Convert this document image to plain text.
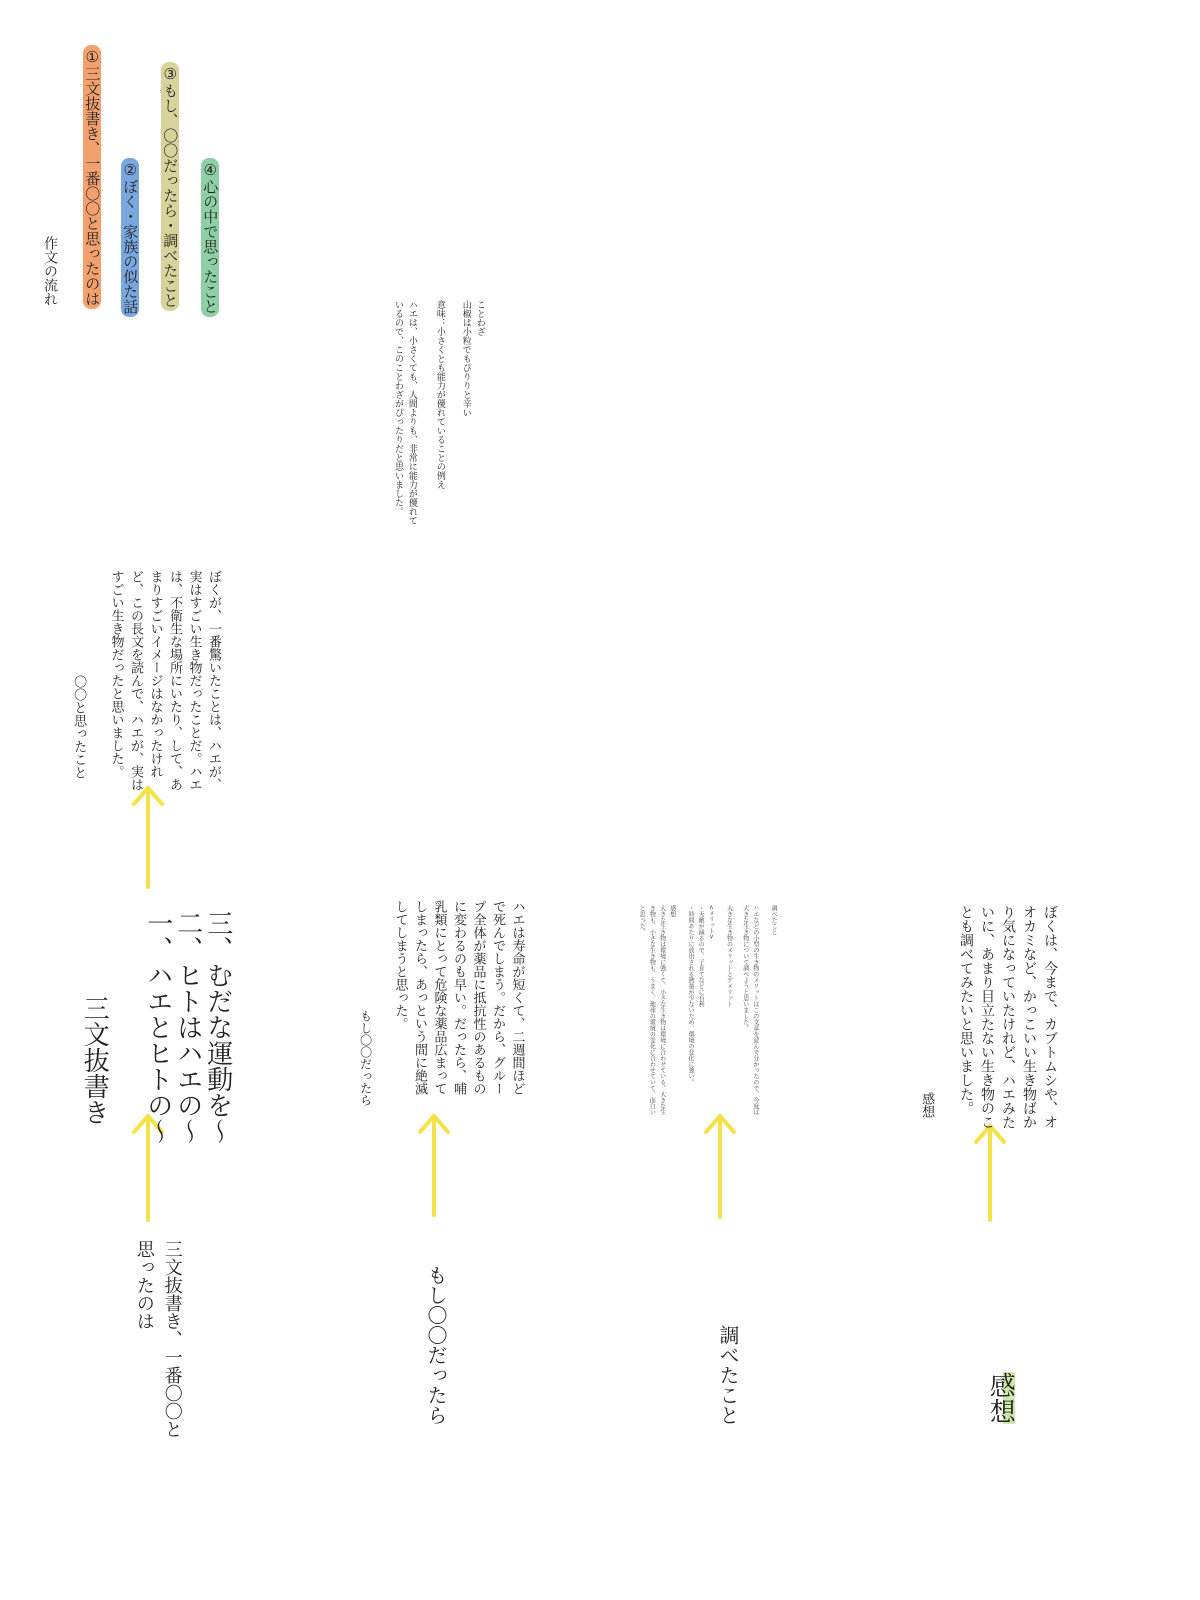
作文の流れ ①三文抜書き、一番〇〇と思ったのは ②ぼく・家族の似た話 ③もし、〇〇だったら・調べたこと ④心の中で思ったこと
三文抜書き、一番〇〇と思ったのは
三文抜書き 一、ハエとヒトの〜 二、ヒトはハエの〜 三、むだな運動を〜
〇〇と思ったこと	ぼくが、一番驚いたことは、ハエが、実はすごい生き物だったことだ。ハエは、不衛生な場所にいたり、して、あまりすごいイメージはなかったけれど、この長文を読んで、ハエが、実はすごい生き物だったと思いました。
ことわざ
山椒は小粒でもぴりりと辛い
意味：小さくとも能力が優れていることの例え
ハエは、小さくても、人間よりも、非常に能力が優れているので、このことわざがぴったりだと思いました。
もし〇〇だったら
もし〇〇だったら	ハエは寿命が短くて、二週間ほどで死んでしまう。だから、グループ全体が薬品に抵抗性のあるものに変わるのも早い。だったら、哺乳類にとって危険な薬品広まってしまったら、あっという間に絶滅してしまうと思った。
調べたこと
調べたこと
ハエなどの小型の生き物のメリットはこの文章を読んで分かったので、今度は大きな生き物について調べようと思いました。
大きな生き物のメリットとデメリット
<メリット>
・天敵が減るので、子育てなどに有利
・時間あたりに放出される熱量が少ないため、環境の変化に強い。
感想
大きな生き物は環境に強くて、小さな生き物は環境に合わせている。大きな生き物も、小さな生き物も、うまく、地球の環境の変化に合わせていて、面白いと思った。
感想
感想	ぼくは、今まで、カブトムシや、オオカミなど、かっこいい生き物ばかり気になっていたけれど、ハエみたいに、あまり目立たない生き物のことも調べてみたいと思いました。
